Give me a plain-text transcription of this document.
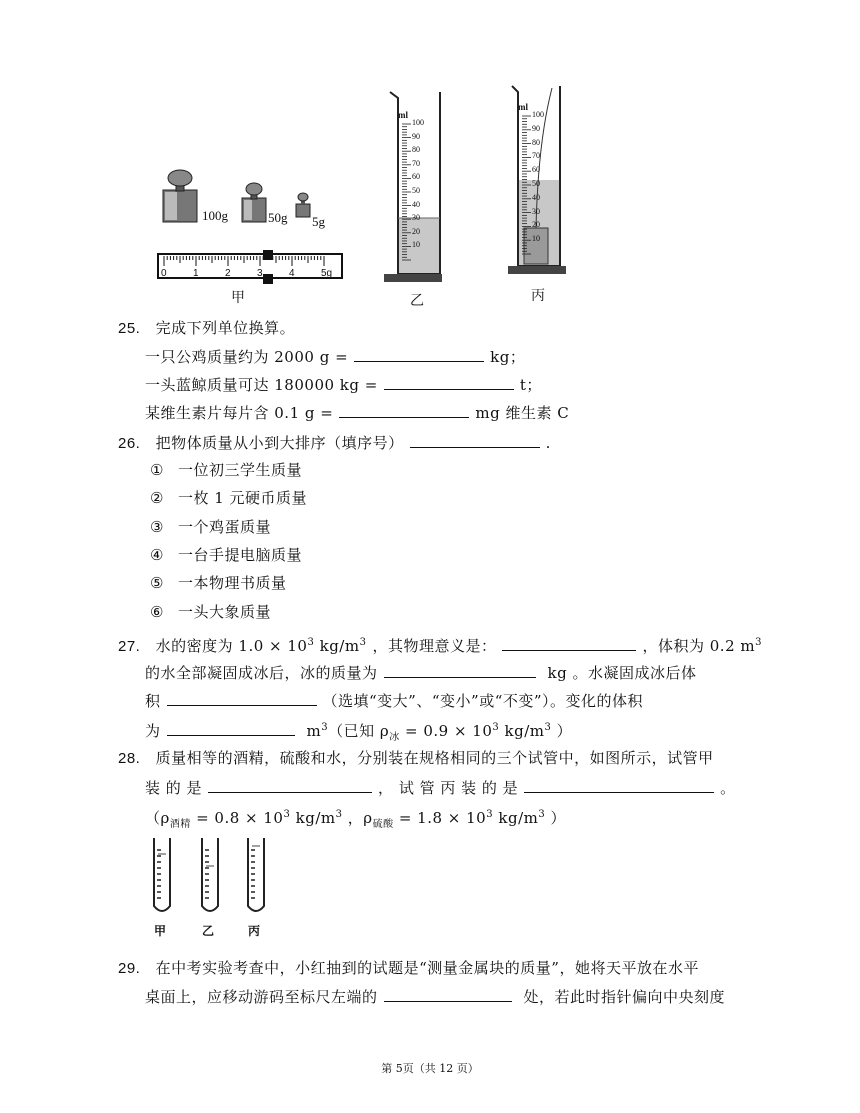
100g	50g 5g
0	1	2	3	4	5g
甲
ml
100
90
80
70
60
50
40
30
20
10
乙
ml
100
90
80
70
60
50
40
30
20
10
丙
25. 完成下列单位换算。
一只公鸡质量约为 2000 g =	kg；
一头蓝鲸质量可达 180000 kg =	t；
某维生素片每片含 0.1 g =	mg 维生素 C
26. 把物体质量从小到大排序（填序号）	.
① 一位初三学生质量
② 一枚 1 元硬币质量
③ 一个鸡蛋质量
④ 一台手提电脑质量
⑤ 一本物理书质量
⑥ 一头大象质量
27. 水的密度为 $1.0 \times 10^3$ $kg/m^3$ ，其物理意义是：	，体积为 0.2 $m^3$
的水全部凝固成冰后，冰的质量为	kg 。水凝固成冰后体
积	（选填“变大”、“变小”或“不变”）。变化的体积
为	$m^3$（已知 $\rho_冰 = 0.9 \times 10^3$ $kg/m^3$ ）
28. 质量相等的酒精，硫酸和水，分别装在规格相同的三个试管中，如图所示，试管甲
装 的 是	， 试 管 丙 装 的 是	。
（$\rho_{酒精} = 0.8 \times 10^3$ $kg/m^3$ ，$\rho_{硫酸} = 1.8 \times 10^3$ $kg/m^3$ ）
甲	乙	丙
29. 在中考实验考查中，小红抽到的试题是“测量金属块的质量”，她将天平放在水平
桌面上，应移动游码至标尺左端的	处，若此时指针偏向中央刻度
第 5页（共 12 页）
